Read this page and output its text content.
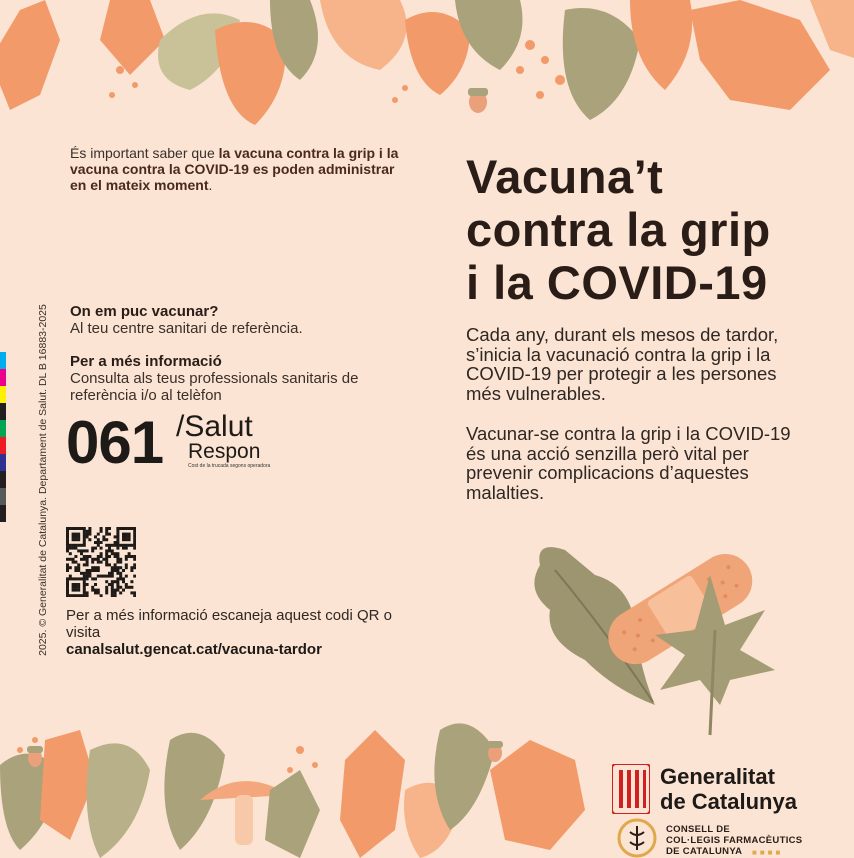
És important saber que la vacuna contra la grip i la vacuna contra la COVID-19 es poden administrar en el mateix moment.	Vacuna’t
contra la grip
i la COVID-19
Cada any, durant els mesos de tardor, s’inicia la vacunació contra la grip i la COVID-19 per protegir a les persones més vulnerables.
Vacunar-se contra la grip i la COVID-19 és una acció senzilla però vital per prevenir complicacions d’aquestes malalties.
On em puc vacunar?
Al teu centre sanitari de referència.
Per a més informació
Consulta als teus professionals sanitaris de referència i/o al telèfon
061 /Salut
Respon
Cost de la trucada segons operadora
2025. © Generalitat de Catalunya. Departament de Salut. DL B 16883-2025 Per a més informació escaneja aquest codi QR o visita
canalsalut.gencat.cat/vacuna-tardor
Generalitat
de Catalunya
CONSELL DE
COL·LEGIS FARMACÈUTICS
DE CATALUNYA	■■■■
